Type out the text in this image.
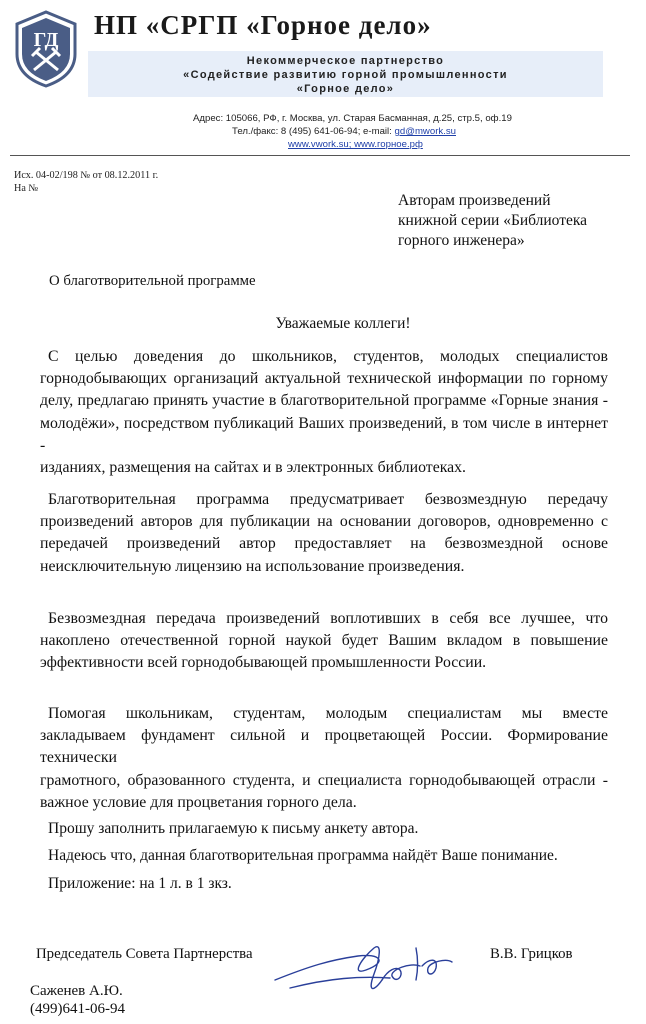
ГД НП «СРГП «Горное дело»
Некоммерческое партнерство
«Содействие развитию горной промышленности
«Горное дело»
Адрес: 105066, РФ, г. Москва, ул. Старая Басманная, д.25, стр.5, оф.19
Тел./факс: 8 (495) 641-06-94; e-mail: gd@mwork.su
www.vwork.su; www.горное.рф
Исх. 04-02/198 № от 08.12.2011 г.
На №
Авторам произведений
книжной серии «Библиотека
горного инженера»
О благотворительной программе
Уважаемые коллеги!
С целью доведения до школьников, студентов, молодых специалистов
горнодобывающих организаций актуальной технической информации по горному
делу, предлагаю принять участие в благотворительной программе «Горные знания -
молодёжи», посредством публикаций Ваших произведений, в том числе в интернет -
изданиях, размещения на сайтах и в электронных библиотеках.
Благотворительная программа предусматривает безвозмездную передачу
произведений авторов для публикации на основании договоров, одновременно с
передачей произведений автор предоставляет на безвозмездной основе
неисключительную лицензию на использование произведения.
Безвозмездная передача произведений воплотивших в себя все лучшее, что
накоплено отечественной горной наукой будет Вашим вкладом в повышение
эффективности всей горнодобывающей промышленности России.
Помогая школьникам, студентам, молодым специалистам мы вместе
закладываем фундамент сильной и процветающей России. Формирование технически
грамотного, образованного студента, и специалиста горнодобывающей отрасли -
важное условие для процветания горного дела.
Прошу заполнить прилагаемую к письму анкету автора.
Надеюсь что, данная благотворительная программа найдёт Ваше понимание.
Приложение: на 1 л. в 1 зкз.
Председатель Совета Партнерства	В.В. Грицков
Саженев А.Ю.
(499)641-06-94
